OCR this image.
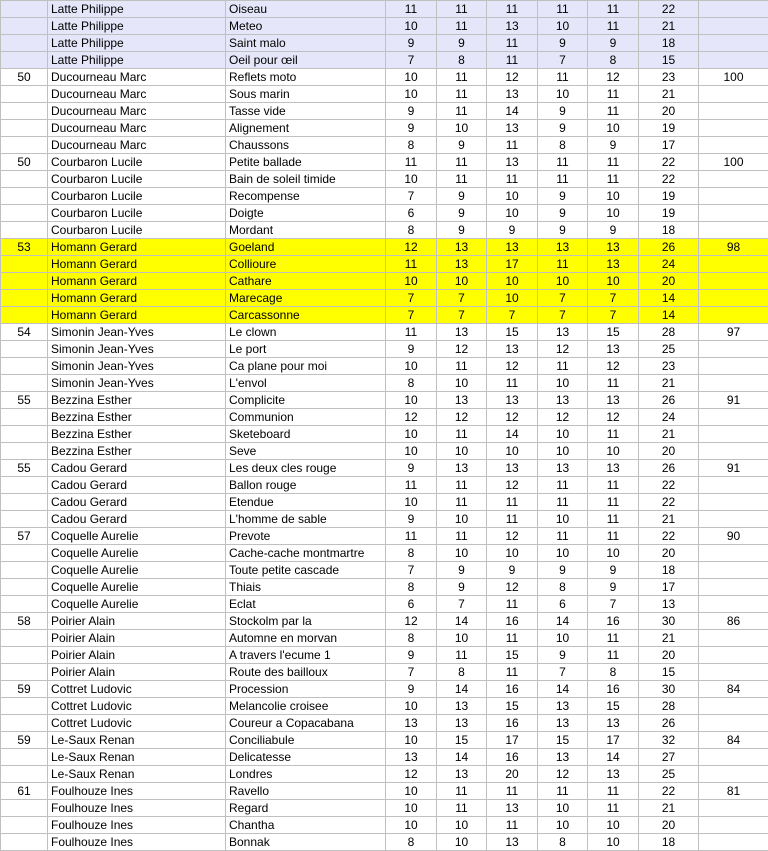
	Latte Philippe	Oiseau	11	11	11	11	11	22	
	Latte Philippe	Meteo	10	11	13	10	11	21	
	Latte Philippe	Saint malo	9	9	11	9	9	18	
	Latte Philippe	Oeil pour œil	7	8	11	7	8	15	
50	Ducourneau Marc	Reflets moto	10	11	12	11	12	23	100
	Ducourneau Marc	Sous marin	10	11	13	10	11	21	
	Ducourneau Marc	Tasse vide	9	11	14	9	11	20	
	Ducourneau Marc	Alignement	9	10	13	9	10	19	
	Ducourneau Marc	Chaussons	8	9	11	8	9	17	
50	Courbaron Lucile	Petite ballade	11	11	13	11	11	22	100
	Courbaron Lucile	Bain de soleil timide	10	11	11	11	11	22	
	Courbaron Lucile	Recompense	7	9	10	9	10	19	
	Courbaron Lucile	Doigte	6	9	10	9	10	19	
	Courbaron Lucile	Mordant	8	9	9	9	9	18	
53	Homann Gerard	Goeland	12	13	13	13	13	26	98
	Homann Gerard	Collioure	11	13	17	11	13	24	
	Homann Gerard	Cathare	10	10	10	10	10	20	
	Homann Gerard	Marecage	7	7	10	7	7	14	
	Homann Gerard	Carcassonne	7	7	7	7	7	14	
54	Simonin Jean-Yves	Le clown	11	13	15	13	15	28	97
	Simonin Jean-Yves	Le port	9	12	13	12	13	25	
	Simonin Jean-Yves	Ca plane pour moi	10	11	12	11	12	23	
	Simonin Jean-Yves	L'envol	8	10	11	10	11	21	
55	Bezzina Esther	Complicite	10	13	13	13	13	26	91
	Bezzina Esther	Communion	12	12	12	12	12	24	
	Bezzina Esther	Sketeboard	10	11	14	10	11	21	
	Bezzina Esther	Seve	10	10	10	10	10	20	
55	Cadou Gerard	Les deux cles rouge	9	13	13	13	13	26	91
	Cadou Gerard	Ballon rouge	11	11	12	11	11	22	
	Cadou Gerard	Etendue	10	11	11	11	11	22	
	Cadou Gerard	L'homme de sable	9	10	11	10	11	21	
57	Coquelle Aurelie	Prevote	11	11	12	11	11	22	90
	Coquelle Aurelie	Cache-cache montmartre	8	10	10	10	10	20	
	Coquelle Aurelie	Toute petite cascade	7	9	9	9	9	18	
	Coquelle Aurelie	Thiais	8	9	12	8	9	17	
	Coquelle Aurelie	Eclat	6	7	11	6	7	13	
58	Poirier Alain	Stockolm par la	12	14	16	14	16	30	86
	Poirier Alain	Automne en morvan	8	10	11	10	11	21	
	Poirier Alain	A travers l'ecume 1	9	11	15	9	11	20	
	Poirier Alain	Route des bailloux	7	8	11	7	8	15	
59	Cottret Ludovic	Procession	9	14	16	14	16	30	84
	Cottret Ludovic	Melancolie croisee	10	13	15	13	15	28	
	Cottret Ludovic	Coureur a Copacabana	13	13	16	13	13	26	
59	Le-Saux Renan	Conciliabule	10	15	17	15	17	32	84
	Le-Saux Renan	Delicatesse	13	14	16	13	14	27	
	Le-Saux Renan	Londres	12	13	20	12	13	25	
61	Foulhouze Ines	Ravello	10	11	11	11	11	22	81
	Foulhouze Ines	Regard	10	11	13	10	11	21	
	Foulhouze Ines	Chantha	10	10	11	10	10	20	
	Foulhouze Ines	Bonnak	8	10	13	8	10	18	
